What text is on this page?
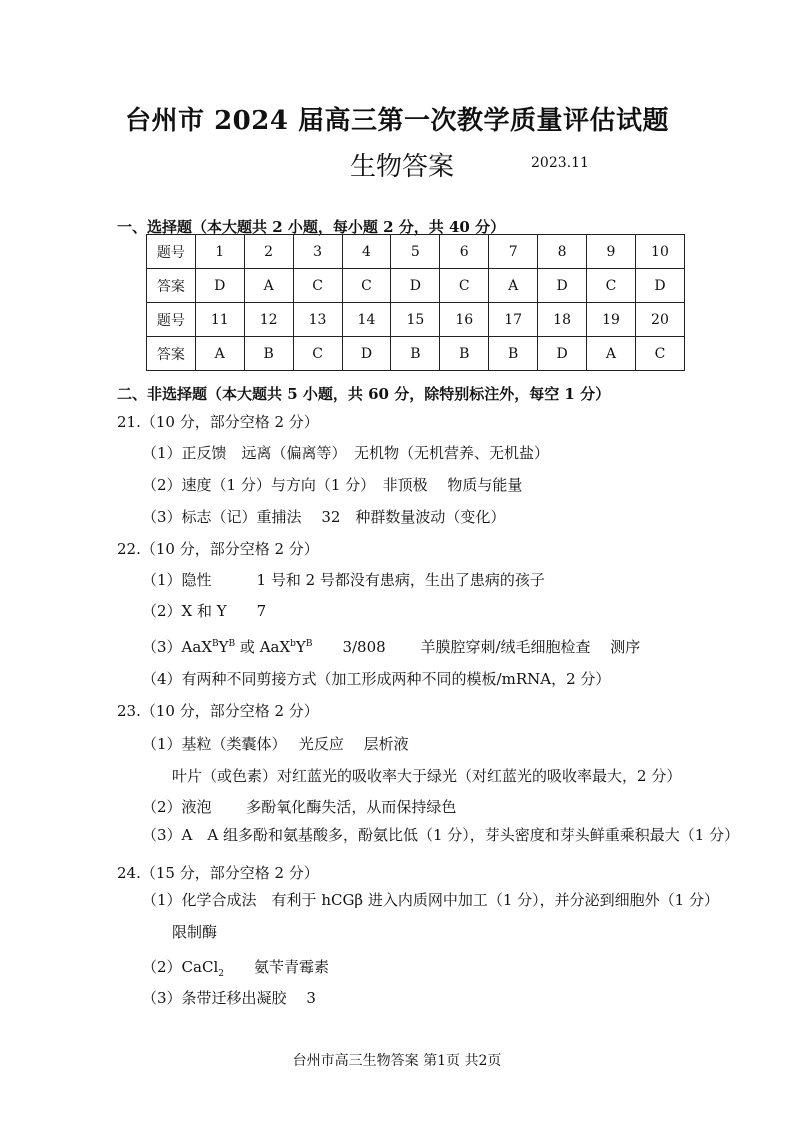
台州市 2024 届高三第一次教学质量评估试题
生物答案	2023.11
一、选择题（本大题共 2 小题，每小题 2 分，共 40 分）
题号	1	2	3	4	5	6	7	8	9	10
答案	D	A	C	C	D	C	A	D	C	D
题号	11	12	13	14	15	16	17	18	19	20
答案	A	B	C	D	B	B	B	D	A	C
二、非选择题（本大题共 5 小题，共 60 分，除特别标注外，每空 1 分）
21.（10 分，部分空格 2 分）
（1）正反馈　远离（偏离等）　无机物（无机营养、无机盐）
（2）速度（1 分）与方向（1 分）　非顶极　 物质与能量
（3）标志（记）重捕法　 32　种群数量波动（变化）
22.（10 分，部分空格 2 分）
（1）隐性　　　1 号和 2 号都没有患病，生出了患病的孩子
（2）X 和 Y　　7
$(3)AaX^BY^B$ 或 $AaX^bY^B$　　3/808　　 羊膜腔穿刺/绒毛细胞检查　 测序
（4）有两种不同剪接方式（加工形成两种不同的模板/mRNA，2 分）
23.（10 分，部分空格 2 分）
（1）基粒（类囊体）　 光反应　 层析液
叶片（或色素）对红蓝光的吸收率大于绿光（对红蓝光的吸收率最大，2 分）
（2）液泡　　 多酚氧化酶失活，从而保持绿色
（3）A　A 组多酚和氨基酸多，酚氨比低（1 分），芽头密度和芽头鲜重乘积最大（1 分）
24.（15 分，部分空格 2 分）
（1）化学合成法　有利于 hCGβ 进入内质网中加工（1 分），并分泌到细胞外（1 分）
限制酶
（2）CaCl$_2$　　氨苄青霉素
（3）条带迁移出凝胶　 3
台州市高三生物答案 第1页 共2页
